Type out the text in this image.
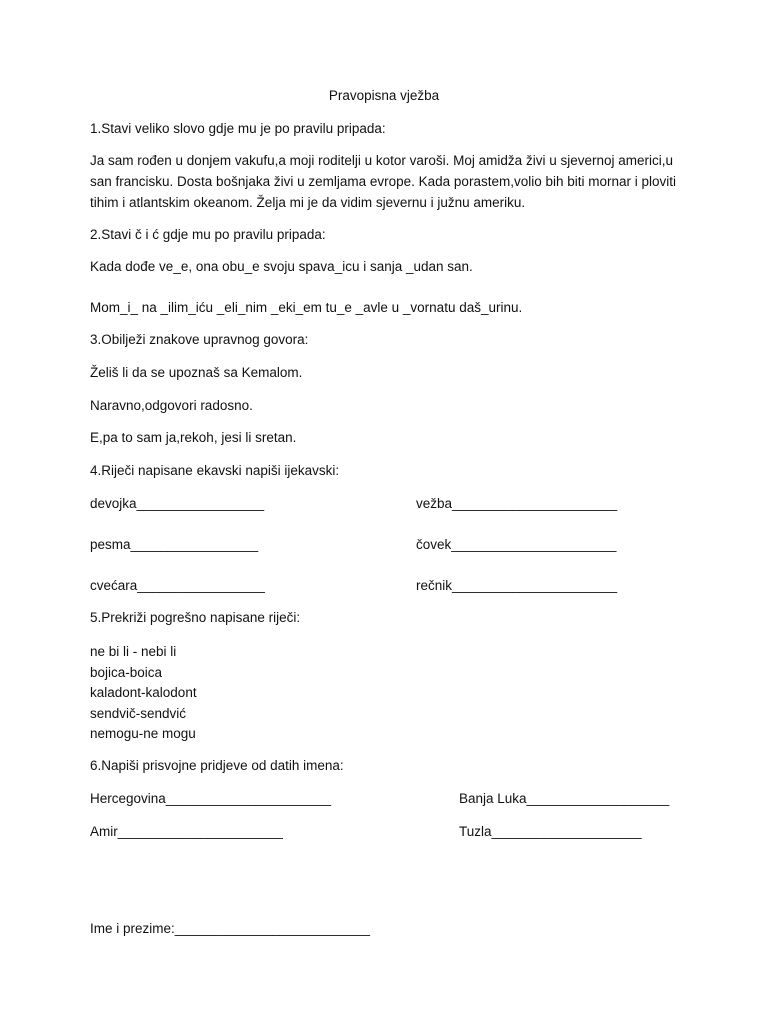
Pravopisna vježba
1.Stavi veliko slovo gdje mu je po pravilu pripada:
Ja sam rođen u donjem vakufu,a moji roditelji u kotor varoši. Moj amidža živi u sjevernoj americi,u san francisku. Dosta bošnjaka živi u zemljama evrope. Kada porastem,volio bih biti mornar i ploviti tihim i atlantskim okeanom. Želja mi je da vidim sjevernu i južnu ameriku.
2.Stavi č i ć gdje mu po pravilu pripada:
Kada dođe ve_e, ona obu_e svoju spava_icu i sanja _udan san.
Mom_i_ na _ilim_iću _eli_nim _eki_em tu_e _avle u _vornatu daš_urinu.
3.Obilježi znakove upravnog govora:
Želiš li da se upoznaš sa Kemalom.
Naravno,odgovori radosno.
E,pa to sam ja,rekoh, jesi li sretan.
4.Riječi napisane ekavski napiši ijekavski:
devojka_________________	vežba______________________
pesma_________________	čovek______________________
cvećara_________________	rečnik______________________
5.Prekriži pogrešno napisane riječi:
ne bi li - nebi li
bojica-boica
kaladont-kalodont
sendvič-sendvić
nemogu-ne mogu
6.Napiši prisvojne pridjeve od datih imena:
Hercegovina______________________	Banja Luka___________________
Amir______________________	Tuzla____________________
Ime i prezime:__________________________
